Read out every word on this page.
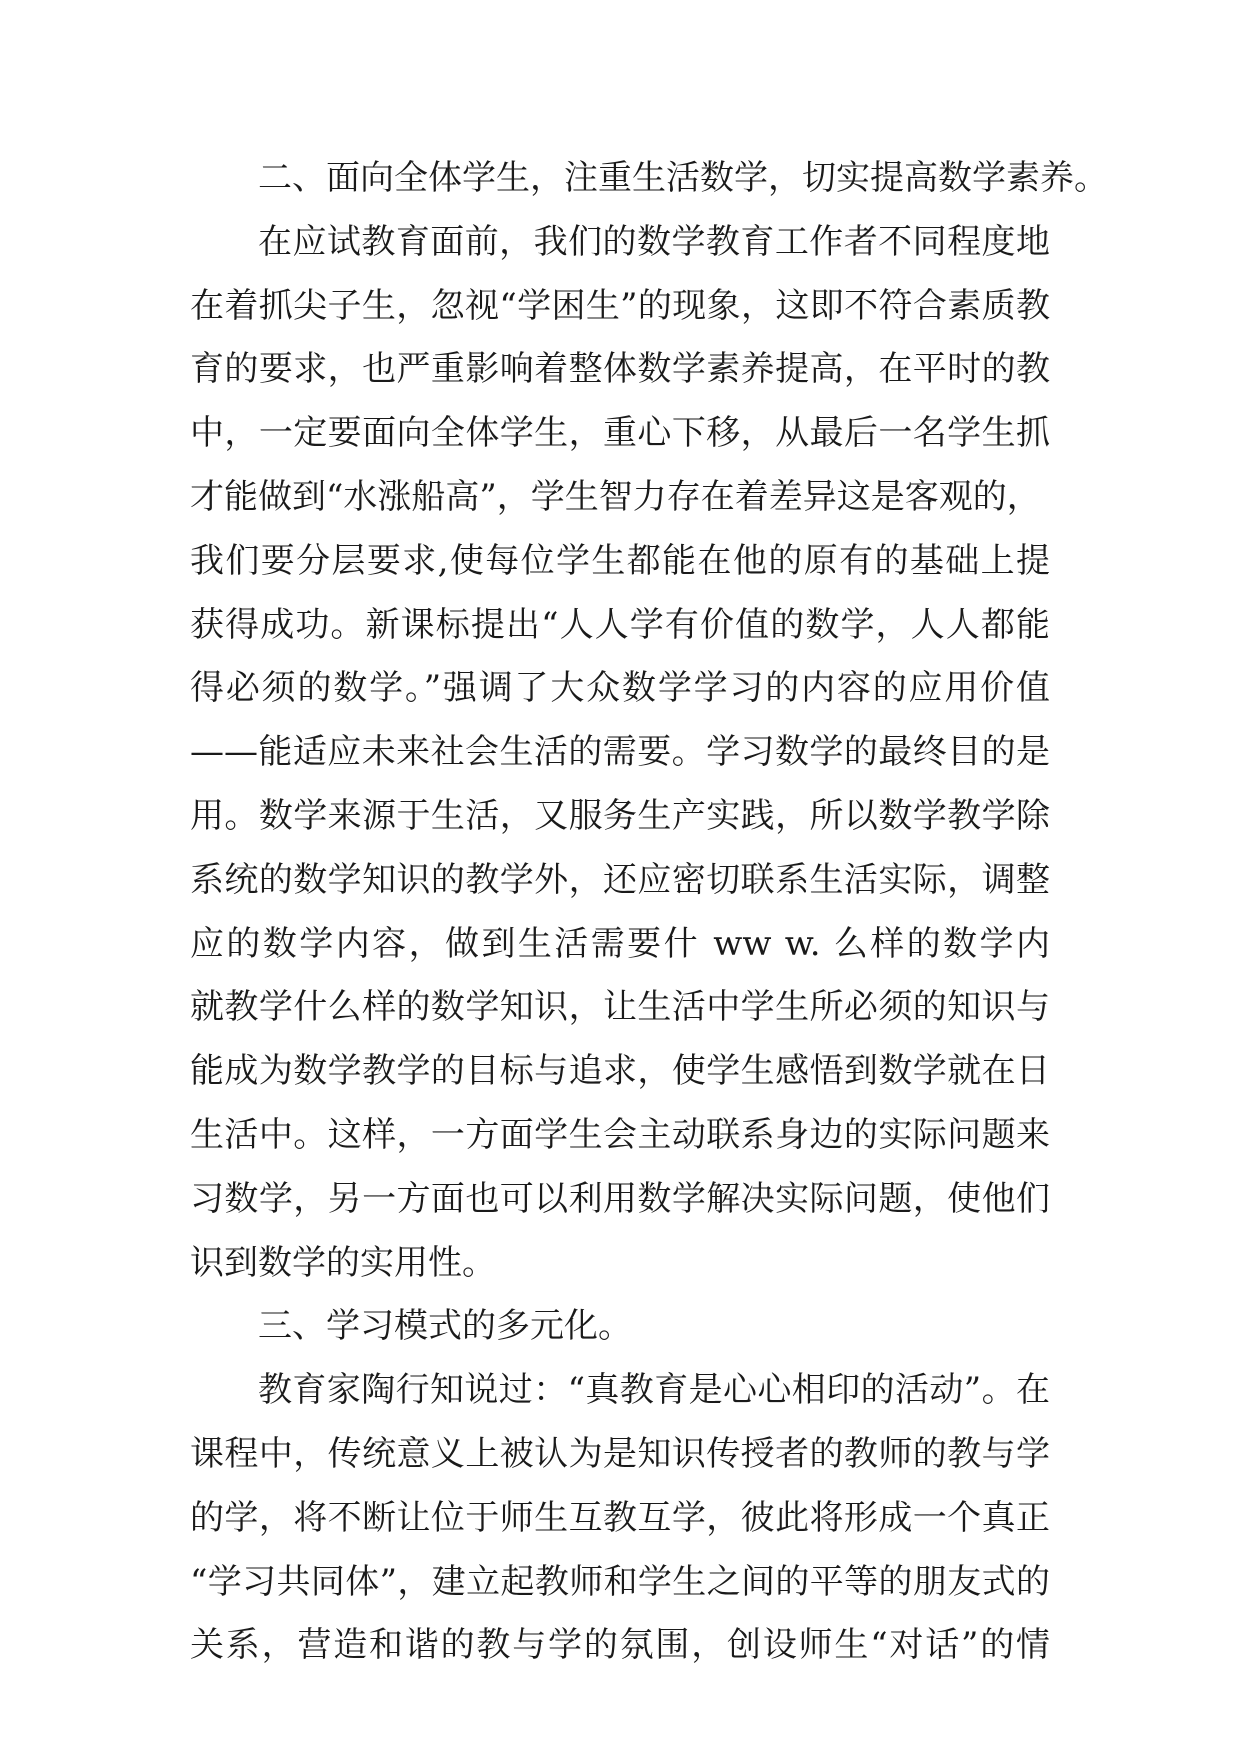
二、面向全体学生，注重生活数学，切实提高数学素养。
在应试教育面前，我们的数学教育工作者不同程度地
在着抓尖子生，忽视“学困生”的现象，这即不符合素质教
育的要求，也严重影响着整体数学素养提高，在平时的教
中，一定要面向全体学生，重心下移，从最后一名学生抓
才能做到“水涨船高”，学生智力存在着差异这是客观的，
我们要分层要求,使每位学生都能在他的原有的基础上提
获得成功。新课标提出“人人学有价值的数学，人人都能
得必须的数学。”强调了大众数学学习的内容的应用价值
——能适应未来社会生活的需要。学习数学的最终目的是
用。数学来源于生活，又服务生产实践，所以数学教学除
系统的数学知识的教学外，还应密切联系生活实际，调整
应的数学内容，做到生活需要什 ww w. 么样的数学内
就教学什么样的数学知识，让生活中学生所必须的知识与
能成为数学教学的目标与追求，使学生感悟到数学就在日
生活中。这样，一方面学生会主动联系身边的实际问题来
习数学，另一方面也可以利用数学解决实际问题，使他们
识到数学的实用性。
三、学习模式的多元化。
教育家陶行知说过：“真教育是心心相印的活动”。在
课程中，传统意义上被认为是知识传授者的教师的教与学
的学，将不断让位于师生互教互学，彼此将形成一个真正
“学习共同体”，建立起教师和学生之间的平等的朋友式的
关系，营造和谐的教与学的氛围，创设师生“对话”的情
